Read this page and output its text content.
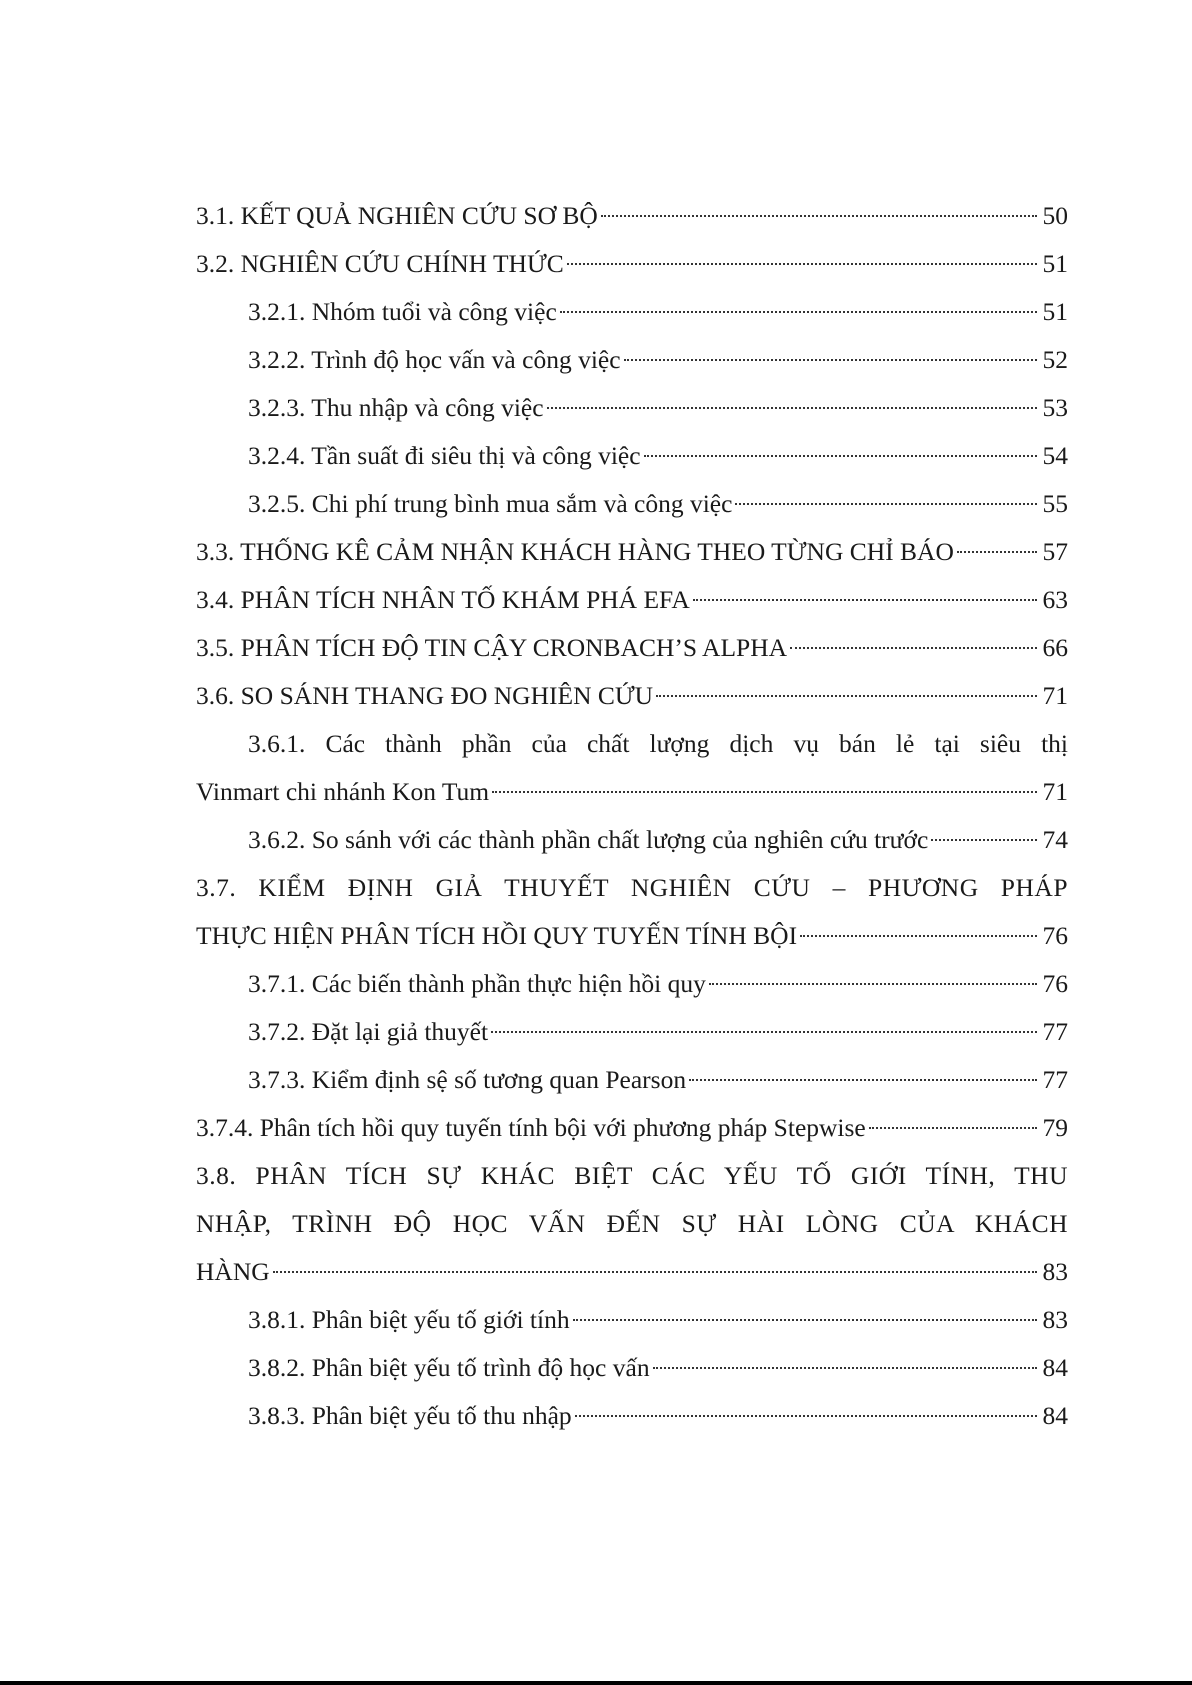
3.1. KẾT QUẢ NGHIÊN CỨU SƠ BỘ	50
3.2. NGHIÊN CỨU CHÍNH THỨC	51
3.2.1. Nhóm tuổi và công việc	51
3.2.2. Trình độ học vấn và công việc	52
3.2.3. Thu nhập và công việc	53
3.2.4. Tần suất đi siêu thị và công việc	54
3.2.5. Chi phí trung bình mua sắm và công việc	55
3.3. THỐNG KÊ CẢM NHẬN KHÁCH HÀNG THEO TỪNG CHỈ BÁO	57
3.4. PHÂN TÍCH NHÂN TỐ KHÁM PHÁ EFA	63
3.5. PHÂN TÍCH ĐỘ TIN CẬY CRONBACH’S ALPHA	66
3.6. SO SÁNH THANG ĐO NGHIÊN CỨU	71
3.6.1. Các thành phần của chất lượng dịch vụ bán lẻ tại siêu thị
Vinmart chi nhánh Kon Tum	71
3.6.2. So sánh với các thành phần chất lượng của nghiên cứu trước	74
3.7. KIỂM ĐỊNH GIẢ THUYẾT NGHIÊN CỨU – PHƯƠNG PHÁP
THỰC HIỆN PHÂN TÍCH HỒI QUY TUYẾN TÍNH BỘI	76
3.7.1. Các biến thành phần thực hiện hồi quy	76
3.7.2. Đặt lại giả thuyết	77
3.7.3. Kiểm định sệ số tương quan Pearson	77
3.7.4. Phân tích hồi quy tuyến tính bội với phương pháp Stepwise	79
3.8. PHÂN TÍCH SỰ KHÁC BIỆT CÁC YẾU TỐ GIỚI TÍNH, THU
NHẬP, TRÌNH ĐỘ HỌC VẤN ĐẾN SỰ HÀI LÒNG CỦA KHÁCH
HÀNG	83
3.8.1. Phân biệt yếu tố giới tính	83
3.8.2. Phân biệt yếu tố trình độ học vấn	84
3.8.3. Phân biệt yếu tố thu nhập	84
